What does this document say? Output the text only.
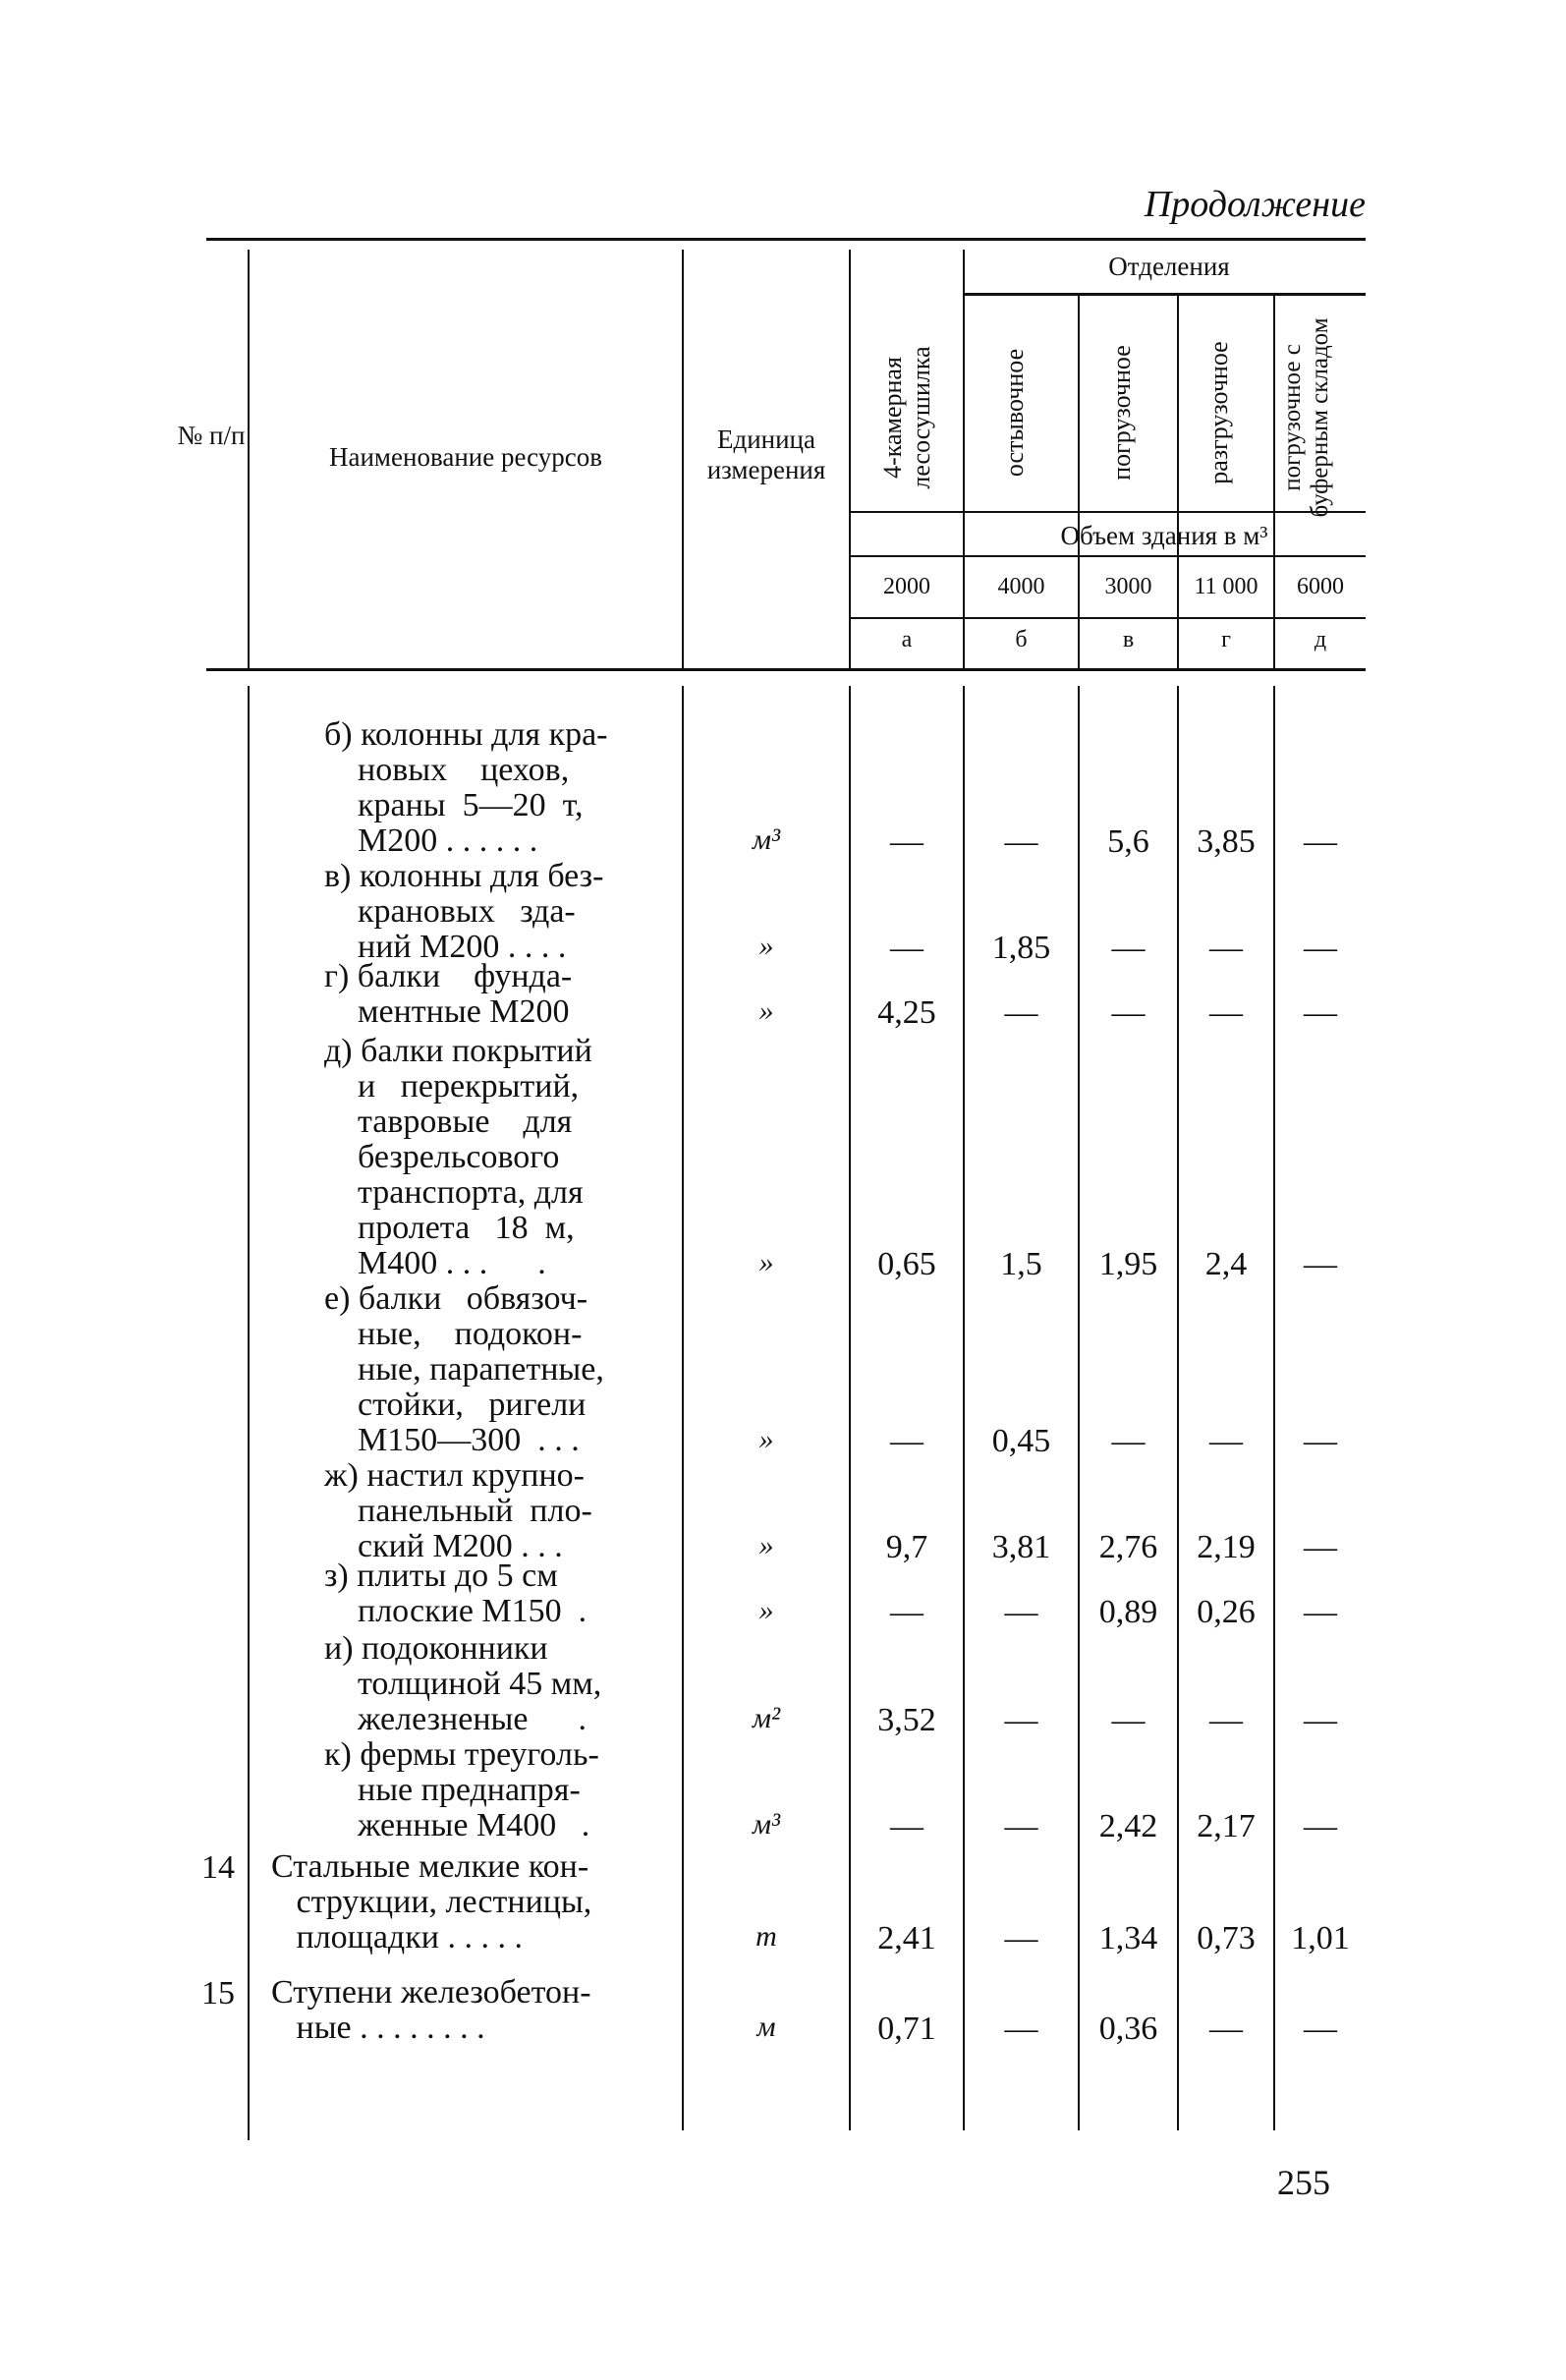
Продолжение
№ п/п
Наименование ресурсов
Единица измерения	4-камерная лесосушилка
Отделения
остывочное	погрузочное	разгрузочное	погрузочное с буферным складом
Объем здания в м³
2000	4000	3000	11 000	6000
а	б	в	г	д
б) колонны для кра-
новых    цехов,
краны  5—20  т,
М200 . . . . . .	м³	—	—	5,6	3,85	—
в) колонны для без-
крановых   зда-
ний М200 . . . .	»	—	1,85	—	—	—
г) балки    фунда-
ментные М200	»	4,25	—	—	—	—
д) балки покрытий
и   перекрытий,
тавровые    для
безрельсового
транспорта, для
пролета   18  м,
М400 . . .      .	»	0,65	1,5	1,95	2,4	—
е) балки   обвязоч-
ные,    подокон-
ные, парапетные,
стойки,   ригели
М150—300  . . .	»	—	0,45	—	—	—
ж) настил крупно-
панельный  пло-
ский М200 . . .	»	9,7	3,81	2,76	2,19	—
з) плиты до 5 см
плоские М150  .	»	—	—	0,89	0,26	—
и) подоконники
толщиной 45 мм,
железненые      .	м²	3,52	—	—	—	—
к) фермы треуголь-
ные преднапря-
женные М400   .	м³	—	—	2,42	2,17	—
14 Стальные мелкие кон-
струкции, лестницы,
площадки . . . . .	т	2,41	—	1,34	0,73	1,01
15 Ступени железобетон-
ные . . . . . . . .	м	0,71	—	0,36	—	—
255
